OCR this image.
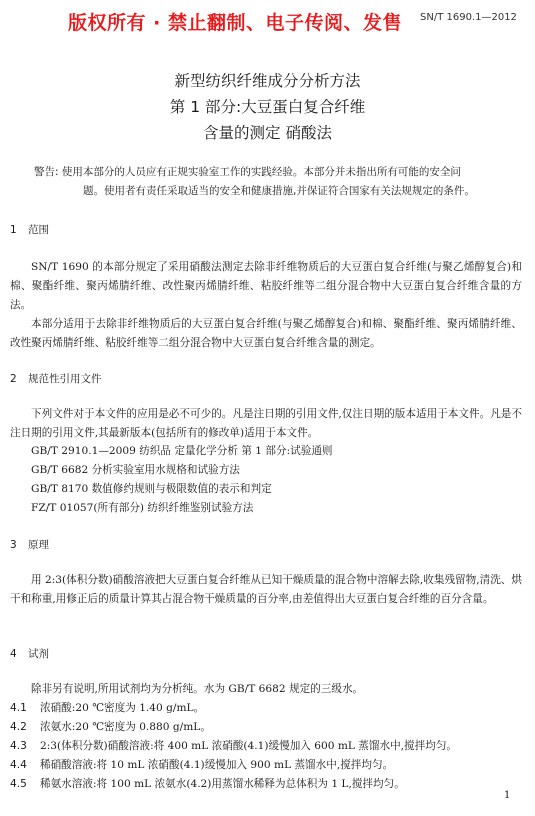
版权所有 · 禁止翻制、电子传阅、发售 SN/T 1690.1—2012
新型纺织纤维成分分析方法
第 1 部分:大豆蛋白复合纤维
含量的测定 硝酸法
警告: 使用本部分的人员应有正规实验室工作的实践经验。本部分并未指出所有可能的安全问
题。使用者有责任采取适当的安全和健康措施,并保证符合国家有关法规规定的条件。
1 范围
SN/T 1690 的本部分规定了采用硝酸法测定去除非纤维物质后的大豆蛋白复合纤维(与聚乙烯醇复合)和棉、聚酯纤维、聚丙烯腈纤维、改性聚丙烯腈纤维、粘胶纤维等二组分混合物中大豆蛋白复合纤维含量的方法。
本部分适用于去除非纤维物质后的大豆蛋白复合纤维(与聚乙烯醇复合)和棉、聚酯纤维、聚丙烯腈纤维、改性聚丙烯腈纤维、粘胶纤维等二组分混合物中大豆蛋白复合纤维含量的测定。
2 规范性引用文件
下列文件对于本文件的应用是必不可少的。凡是注日期的引用文件,仅注日期的版本适用于本文件。凡是不注日期的引用文件,其最新版本(包括所有的修改单)适用于本文件。
GB/T 2910.1—2009 纺织品 定量化学分析 第 1 部分:试验通则
GB/T 6682 分析实验室用水规格和试验方法
GB/T 8170 数值修约规则与极限数值的表示和判定
FZ/T 01057(所有部分) 纺织纤维鉴别试验方法
3 原理
用 2:3(体积分数)硝酸溶液把大豆蛋白复合纤维从已知干燥质量的混合物中溶解去除,收集残留物,清洗、烘干和称重,用修正后的质量计算其占混合物干燥质量的百分率,由差值得出大豆蛋白复合纤维的百分含量。
4 试剂
除非另有说明,所用试剂均为分析纯。水为 GB/T 6682 规定的三级水。
4.1 浓硝酸:20 ℃密度为 1.40 g/mL。
4.2 浓氨水:20 ℃密度为 0.880 g/mL。
4.3 2:3(体积分数)硝酸溶液:将 400 mL 浓硝酸(4.1)缓慢加入 600 mL 蒸馏水中,搅拌均匀。
4.4 稀硝酸溶液:将 10 mL 浓硝酸(4.1)缓慢加入 900 mL 蒸馏水中,搅拌均匀。
4.5 稀氨水溶液:将 100 mL 浓氨水(4.2)用蒸馏水稀释为总体积为 1 L,搅拌均匀。
1
